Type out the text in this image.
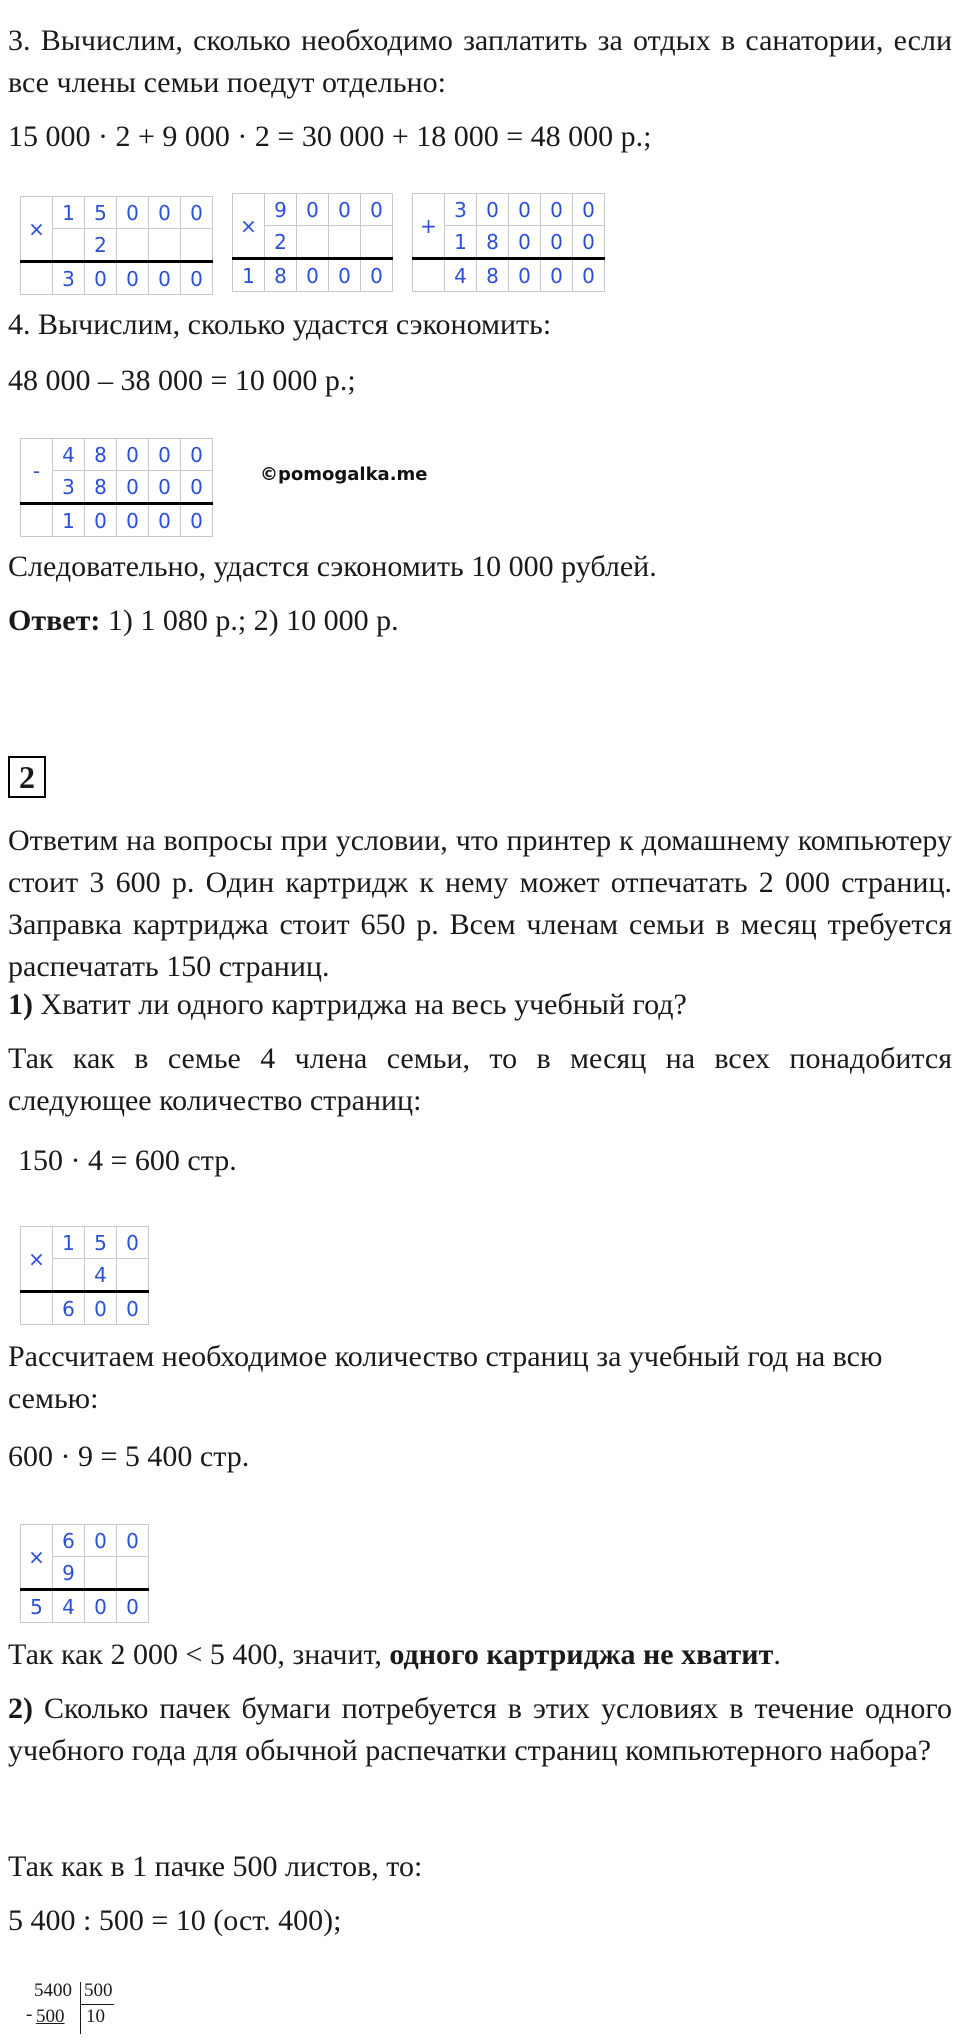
3. Вычислим, сколько необходимо заплатить за отдых в санатории, если все члены семьи поедут отдельно:
15 000 · 2 + 9 000 · 2 = 30 000 + 18 000 = 48 000 р.;
×	1	5	0	0	0
		2			
	3	0	0	0	0
×	9	0	0	0
	2			
1	8	0	0	0
+	3	0	0	0	0
	1	8	0	0	0
	4	8	0	0	0
4. Вычислим, сколько удастся сэкономить:
48 000 – 38 000 = 10 000 р.;
-	4	8	0	0	0
	3	8	0	0	0
	1	0	0	0	0
©pomogalka.me
Следовательно, удастся сэкономить 10 000 рублей.
Ответ: 1) 1 080 р.; 2) 10 000 р.
2
Ответим на вопросы при условии, что принтер к домашнему компьютеру стоит 3 600 р. Один картридж к нему может отпечатать 2 000 страниц. Заправка картриджа стоит 650 р. Всем членам семьи в месяц требуется распечатать 150 страниц.
1) Хватит ли одного картриджа на весь учебный год?
Так как в семье 4 члена семьи, то в месяц на всех понадобится следующее количество страниц:
150 · 4 = 600 стр.
×	1	5	0
		4	
	6	0	0
Рассчитаем необходимое количество страниц за учебный год на всю семью:
600 · 9 = 5 400 стр.
×	6	0	0
	9		
5	4	0	0
Так как 2 000 < 5 400, значит, одного картриджа не хватит.
2) Сколько пачек бумаги потребуется в этих условиях в течение одного учебного года для обычной распечатки страниц компьютерного набора?
Так как в 1 пачке 500 листов, то:
5 400 : 500 = 10 (ост. 400);
5400 500
- 500 10
